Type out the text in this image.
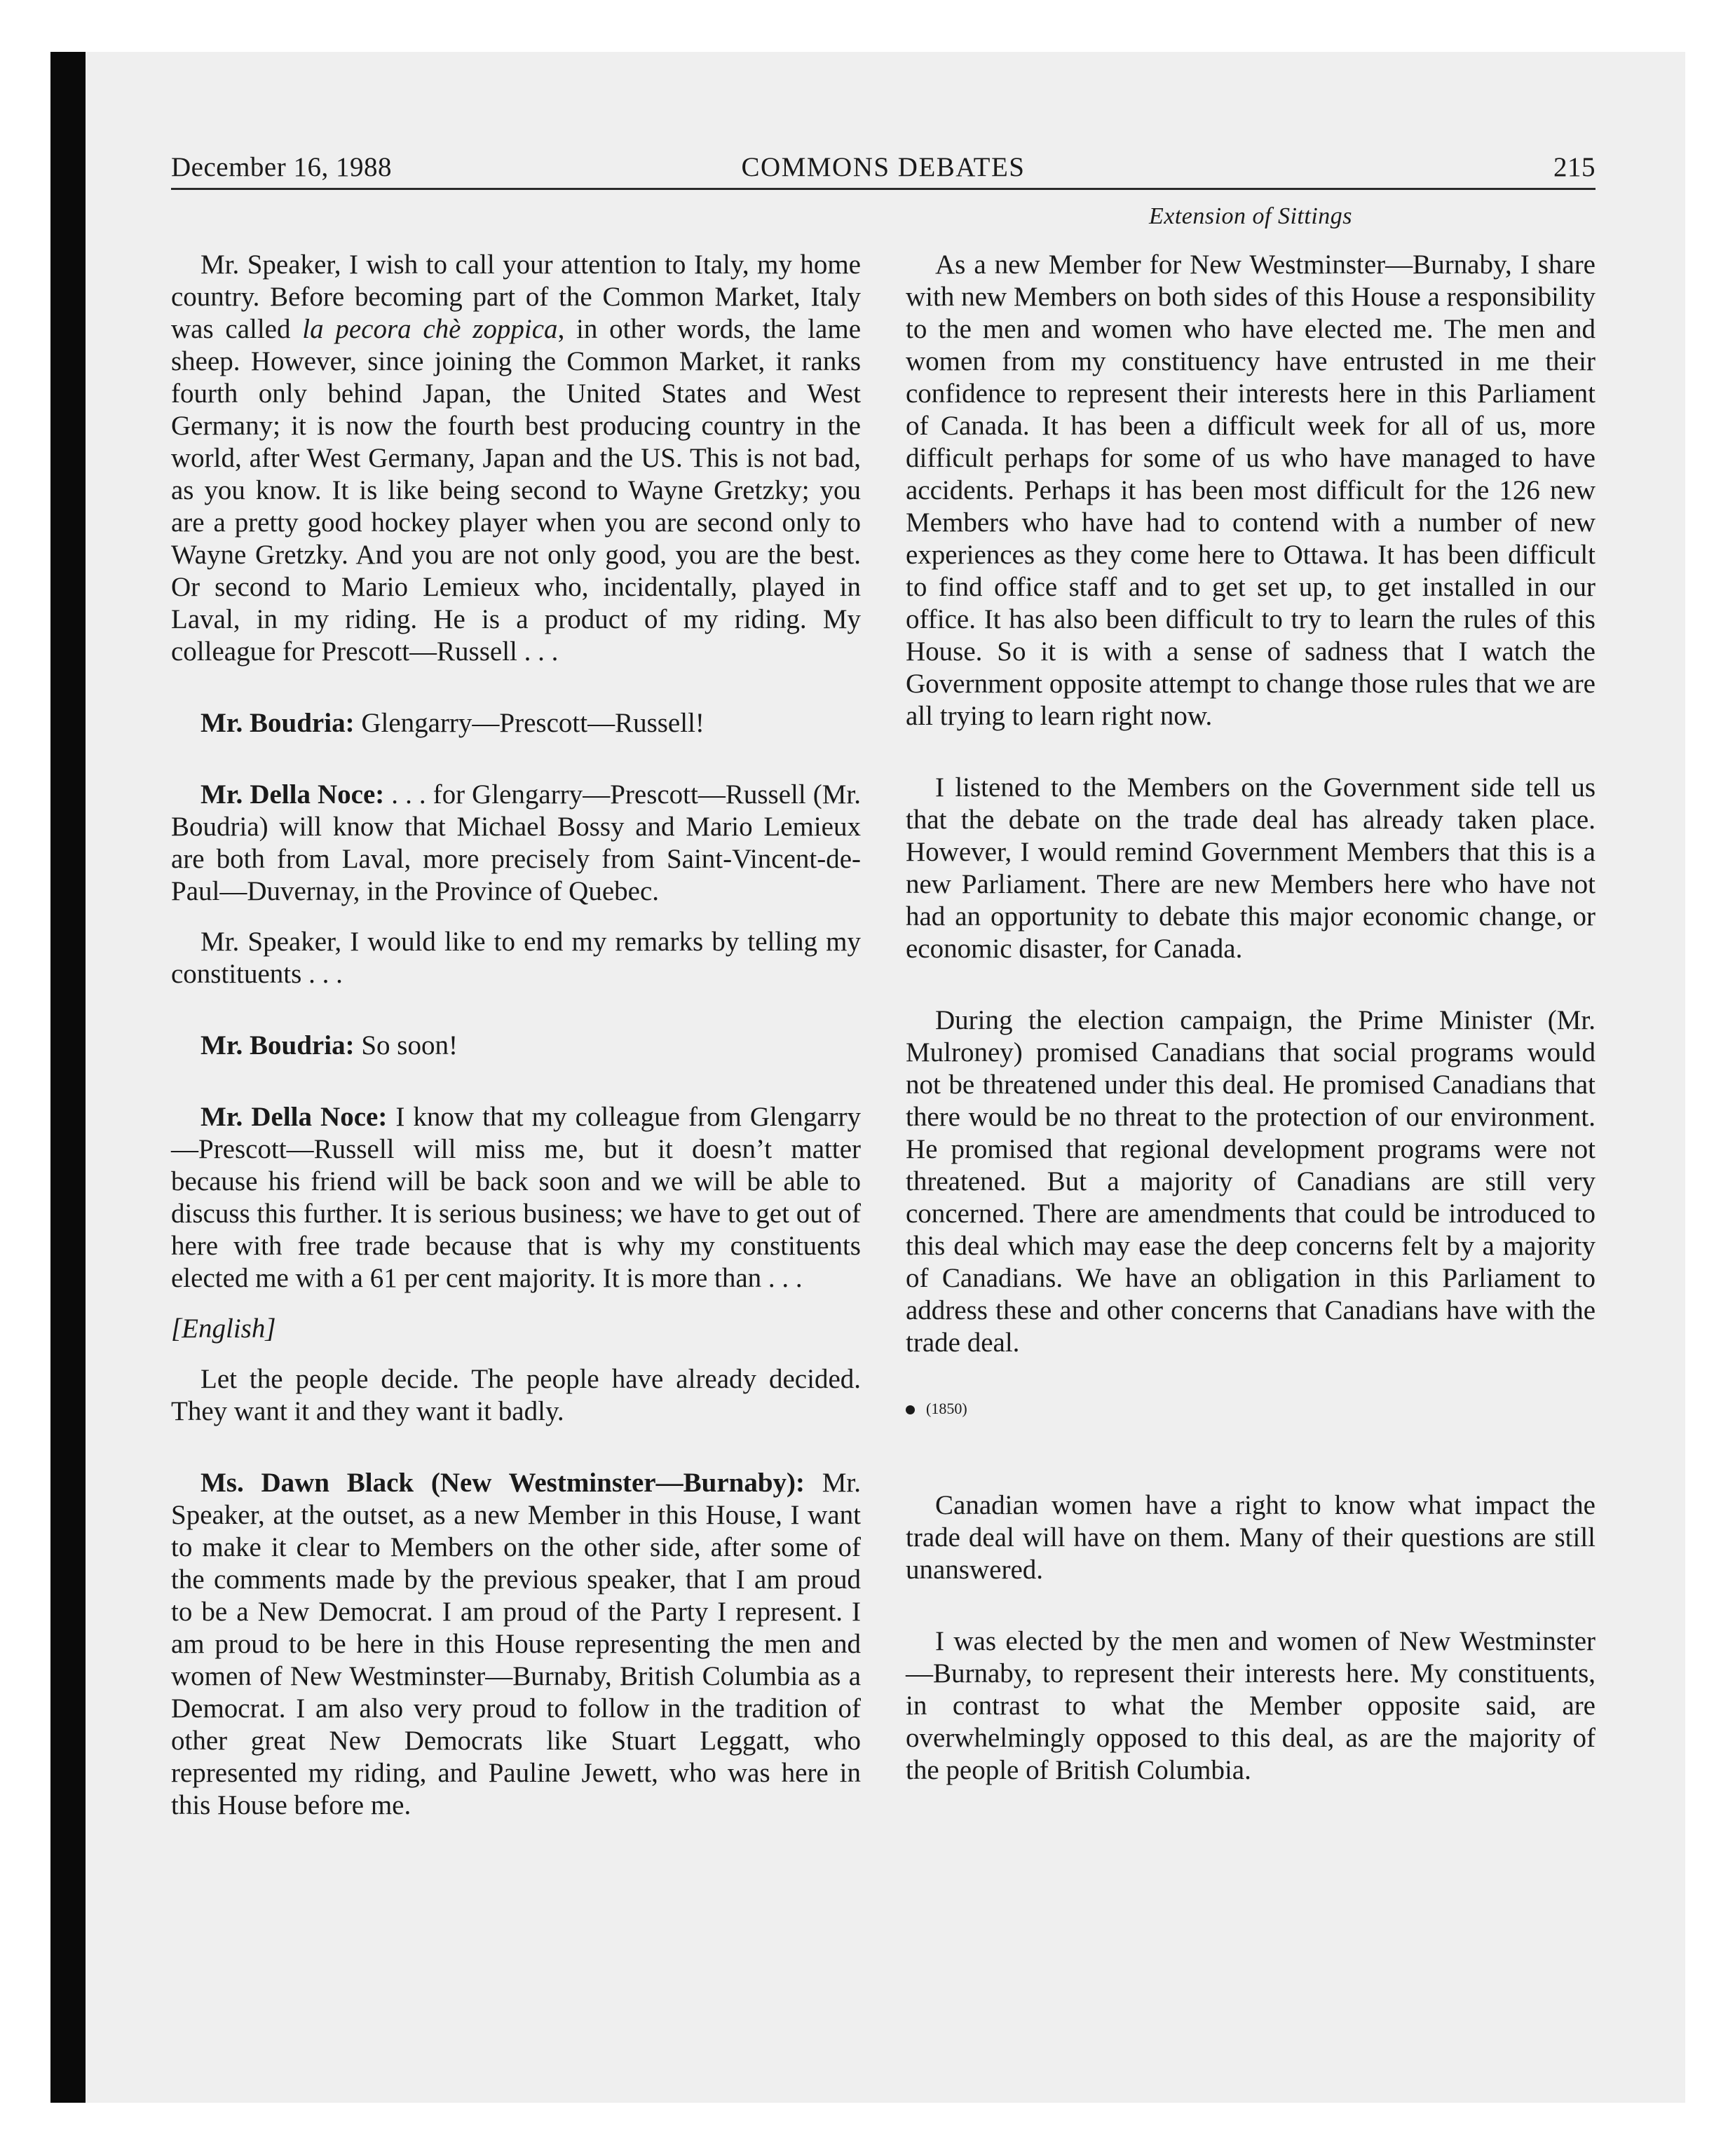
December 16, 1988	COMMONS DEBATES	215
Extension of Sittings

Mr. Speaker, I wish to call your attention to Italy, my home country. Before becoming part of the Common Market, Italy was called la pecora chè zoppica, in other words, the lame sheep. However, since joining the Common Market, it ranks fourth only behind Japan, the United States and West Germany; it is now the fourth best producing country in the world, after West Germany, Japan and the US. This is not bad, as you know. It is like being second to Wayne Gretzky; you are a pretty good hockey player when you are second only to Wayne Gretzky. And you are not only good, you are the best. Or second to Mario Lemieux who, incidentally, played in Laval, in my riding. He is a product of my riding. My colleague for Prescott—Russell . . .

Mr. Boudria: Glengarry—Prescott—Russell!

Mr. Della Noce: . . . for Glengarry—Prescott—Russell (Mr. Boudria) will know that Michael Bossy and Mario Lemieux are both from Laval, more precisely from Saint-Vincent-de-Paul—Duvernay, in the Province of Quebec.

Mr. Speaker, I would like to end my remarks by telling my constituents . . .

Mr. Boudria: So soon!

Mr. Della Noce: I know that my colleague from Glengarry—Prescott—Russell will miss me, but it doesn’t matter because his friend will be back soon and we will be able to discuss this further. It is serious business; we have to get out of here with free trade because that is why my constituents elected me with a 61 per cent majority. It is more than . . .

[English]

Let the people decide. The people have already decided. They want it and they want it badly.

Ms. Dawn Black (New Westminster—Burnaby): Mr. Speaker, at the outset, as a new Member in this House, I want to make it clear to Members on the other side, after some of the comments made by the previous speaker, that I am proud to be a New Democrat. I am proud of the Party I represent. I am proud to be here in this House representing the men and women of New Westminster—Burnaby, British Columbia as a Democrat. I am also very proud to follow in the tradition of other great New Democrats like Stuart Leggatt, who represented my riding, and Pauline Jewett, who was here in this House before me.

As a new Member for New Westminster—Burnaby, I share with new Members on both sides of this House a responsibility to the men and women who have elected me. The men and women from my constituency have entrusted in me their confidence to represent their interests here in this Parliament of Canada. It has been a difficult week for all of us, more difficult perhaps for some of us who have managed to have accidents. Perhaps it has been most difficult for the 126 new Members who have had to contend with a number of new experiences as they come here to Ottawa. It has been difficult to find office staff and to get set up, to get installed in our office. It has also been difficult to try to learn the rules of this House. So it is with a sense of sadness that I watch the Government opposite attempt to change those rules that we are all trying to learn right now.

I listened to the Members on the Government side tell us that the debate on the trade deal has already taken place. However, I would remind Government Members that this is a new Parliament. There are new Members here who have not had an opportunity to debate this major economic change, or economic disaster, for Canada.

During the election campaign, the Prime Minister (Mr. Mulroney) promised Canadians that social programs would not be threatened under this deal. He promised Canadians that there would be no threat to the protection of our environment. He promised that regional development programs were not threatened. But a majority of Canadians are still very concerned. There are amendments that could be introduced to this deal which may ease the deep concerns felt by a majority of Canadians. We have an obligation in this Parliament to address these and other concerns that Canadians have with the trade deal.

(1850)

Canadian women have a right to know what impact the trade deal will have on them. Many of their questions are still unanswered.

I was elected by the men and women of New Westminster—Burnaby, to represent their interests here. My constituents, in contrast to what the Member opposite said, are overwhelmingly opposed to this deal, as are the majority of the people of British Columbia.
